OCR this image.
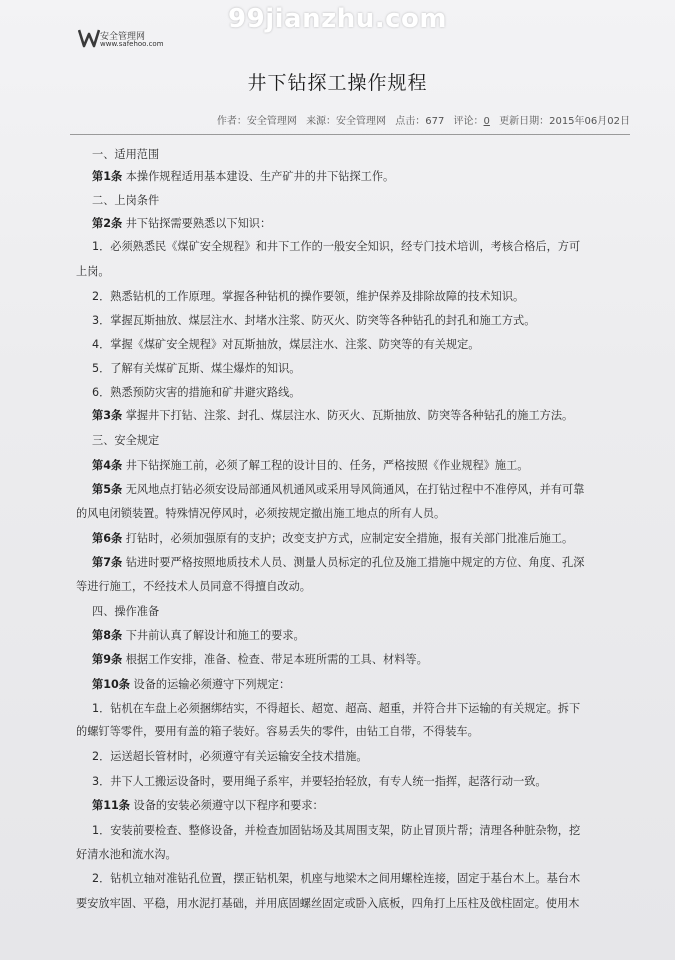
99jianzhu.com
安全管理网
www.safehoo.com
井下钻探工操作规程
作者：安全管理网 来源：安全管理网 点击：677 评论：0 更新日期：2015年06月02日
一、适用范围
第1条 本操作规程适用基本建设、生产矿井的井下钻探工作。
二、上岗条件
第2条 井下钻探需要熟悉以下知识：
1．必须熟悉民《煤矿安全规程》和井下工作的一般安全知识，经专门技术培训，考核合格后，方可
上岗。
2．熟悉钻机的工作原理。掌握各种钻机的操作要领，维护保养及排除故障的技术知识。
3．掌握瓦斯抽放、煤层注水、封堵水注浆、防灭火、防突等各种钻孔的封孔和施工方式。
4．掌握《煤矿安全规程》对瓦斯抽放，煤层注水、注浆、防突等的有关规定。
5．了解有关煤矿瓦斯、煤尘爆炸的知识。
6．熟悉预防灾害的措施和矿井避灾路线。
第3条 掌握井下打钻、注浆、封孔、煤层注水、防灭火、瓦斯抽放、防突等各种钻孔的施工方法。
三、安全规定
第4条 井下钻探施工前，必须了解工程的设计目的、任务，严格按照《作业规程》施工。
第5条 无风地点打钻必须安设局部通风机通风或采用导风筒通风，在打钻过程中不准停风，并有可靠
的风电闭锁装置。特殊情况停风时，必须按规定撤出施工地点的所有人员。
第6条 打钻时，必须加强原有的支护；改变支护方式，应制定安全措施，报有关部门批准后施工。
第7条 钻进时要严格按照地质技术人员、测量人员标定的孔位及施工措施中规定的方位、角度、孔深
等进行施工，不经技术人员同意不得擅自改动。
四、操作准备
第8条 下井前认真了解设计和施工的要求。
第9条 根据工作安排，准备、检查、带足本班所需的工具、材料等。
第10条 设备的运输必须遵守下列规定：
1．钻机在车盘上必须捆绑结实，不得超长、超宽、超高、超重，并符合井下运输的有关规定。拆下
的螺钉等零件，要用有盖的箱子装好。容易丢失的零件，由钻工自带，不得装车。
2．运送超长管材时，必须遵守有关运输安全技术措施。
3．井下人工搬运设备时，要用绳子系牢，并要轻抬轻放，有专人统一指挥，起落行动一致。
第11条 设备的安装必须遵守以下程序和要求：
1．安装前要检查、整修设备，并检查加固钻场及其周围支架，防止冒顶片帮；清理各种脏杂物，挖
好清水池和流水沟。
2．钻机立轴对准钻孔位置，摆正钻机架，机座与地梁木之间用螺栓连接，固定于基台木上。基台木
要安放牢固、平稳，用水泥打基础，并用底固螺丝固定或卧入底板，四角打上压柱及戗柱固定。使用木
